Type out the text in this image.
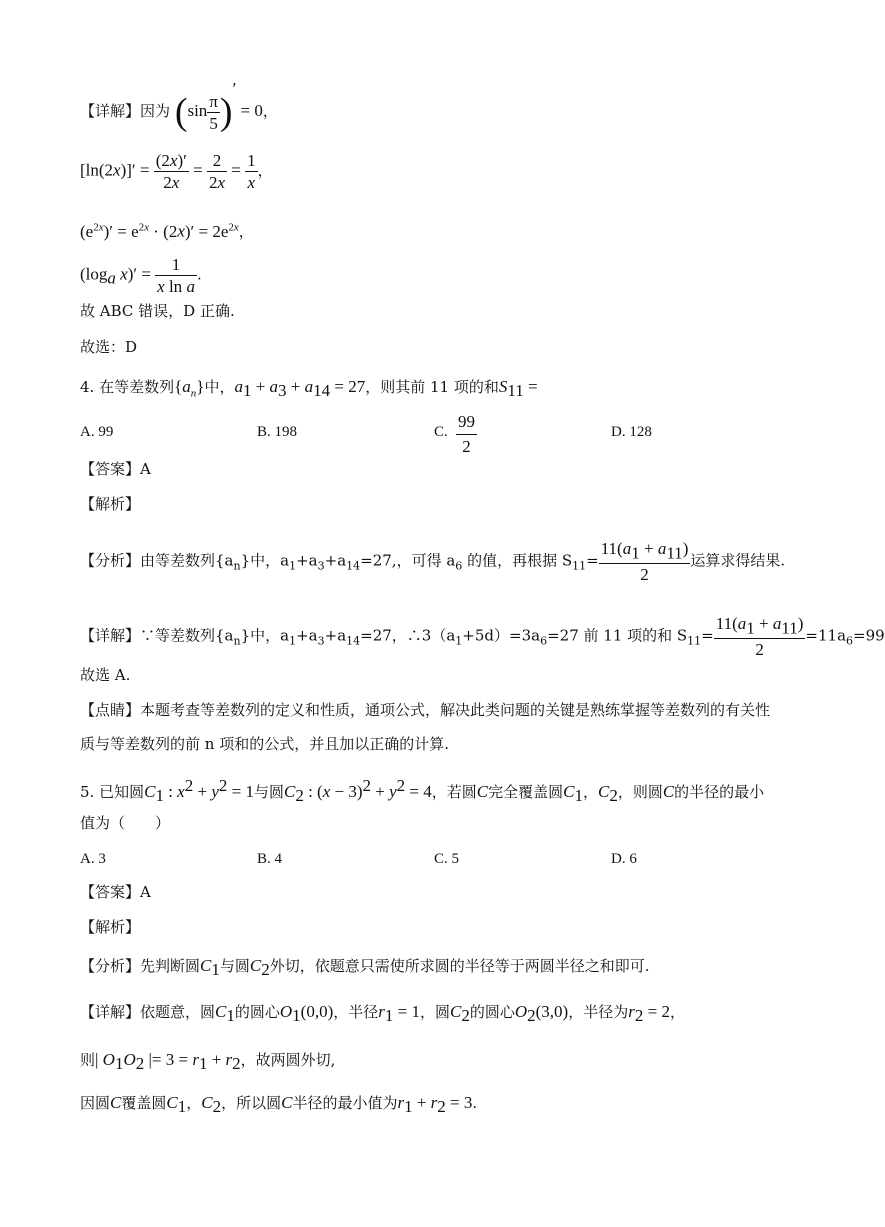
【详解】因为 $(\sin \frac{\pi}{5} )' = 0$，
$[\ln(2x)]' = \frac{(2x)'}{2x} = \frac{2}{2x} = \frac{1}{x}$ ，
$(e^{2x})' = e^{2x} \cdot (2x)' = 2e^{2x}$，
($\log_a$ $x)' = \frac{1}{\text{x ln a}}$ .
故 ABC 错误，D 正确.
故选：D
4. 在等差数列$\{a_n\}$中，$a_1 + a_3 + a_{14} = 27$，则其前 11 项的和$S_{11}$ =
A. 99	B. 198	C. $\frac{99}{2}$	D. 128
【答案】A
【解析】
【分析】由等差数列$\{a_n\}$中，$a_1+a_3+a_{14}=27$,，可得 $a_6$ 的值，再根据 $S_{11}= \frac{11(a_1 + a_{11})}{2}$ 运算求得结果.
【详解】∵等差数列$\{a_n\}$中，$a_1+a_3+a_{14}=27$，$\therefore 3(a_1+5d)=3a_6=27$ 前 11 项的和 $S_{11}= \frac{11(a_1 + a_{11})}{2} =11a_6=99$
故选 A.
【点睛】本题考查等差数列的定义和性质，通项公式，解决此类问题的关键是熟练掌握等差数列的有关性
质与等差数列的前 n 项和的公式，并且加以正确的计算.
5. 已知圆$C_1$ : $x^2 + y^2 = 1$与圆$C_2$ : $(x - 3)^2 + y^2 = 4$，若圆C完全覆盖圆$C_1$，$C_2$，则圆C的半径的最小
值为（　　）
A. 3	B. 4	C. 5	D. 6
【答案】A
【解析】
【分析】先判断圆$C_1$与圆$C_2$外切，依题意只需使所求圆的半径等于两圆半径之和即可.
【详解】依题意，圆$C_1$的圆心$O_1(0,0)$，半径$r_1 = 1$，圆$C_2$的圆心$O_2(3,0)$，半径为$r_2 = 2$，
则| $O_1O_2$ |= $3 = r_1 + r_2$，故两圆外切,
因圆C覆盖圆$C_1$，$C_2$，所以圆C半径的最小值为$r_1 + r_2 = 3$.
